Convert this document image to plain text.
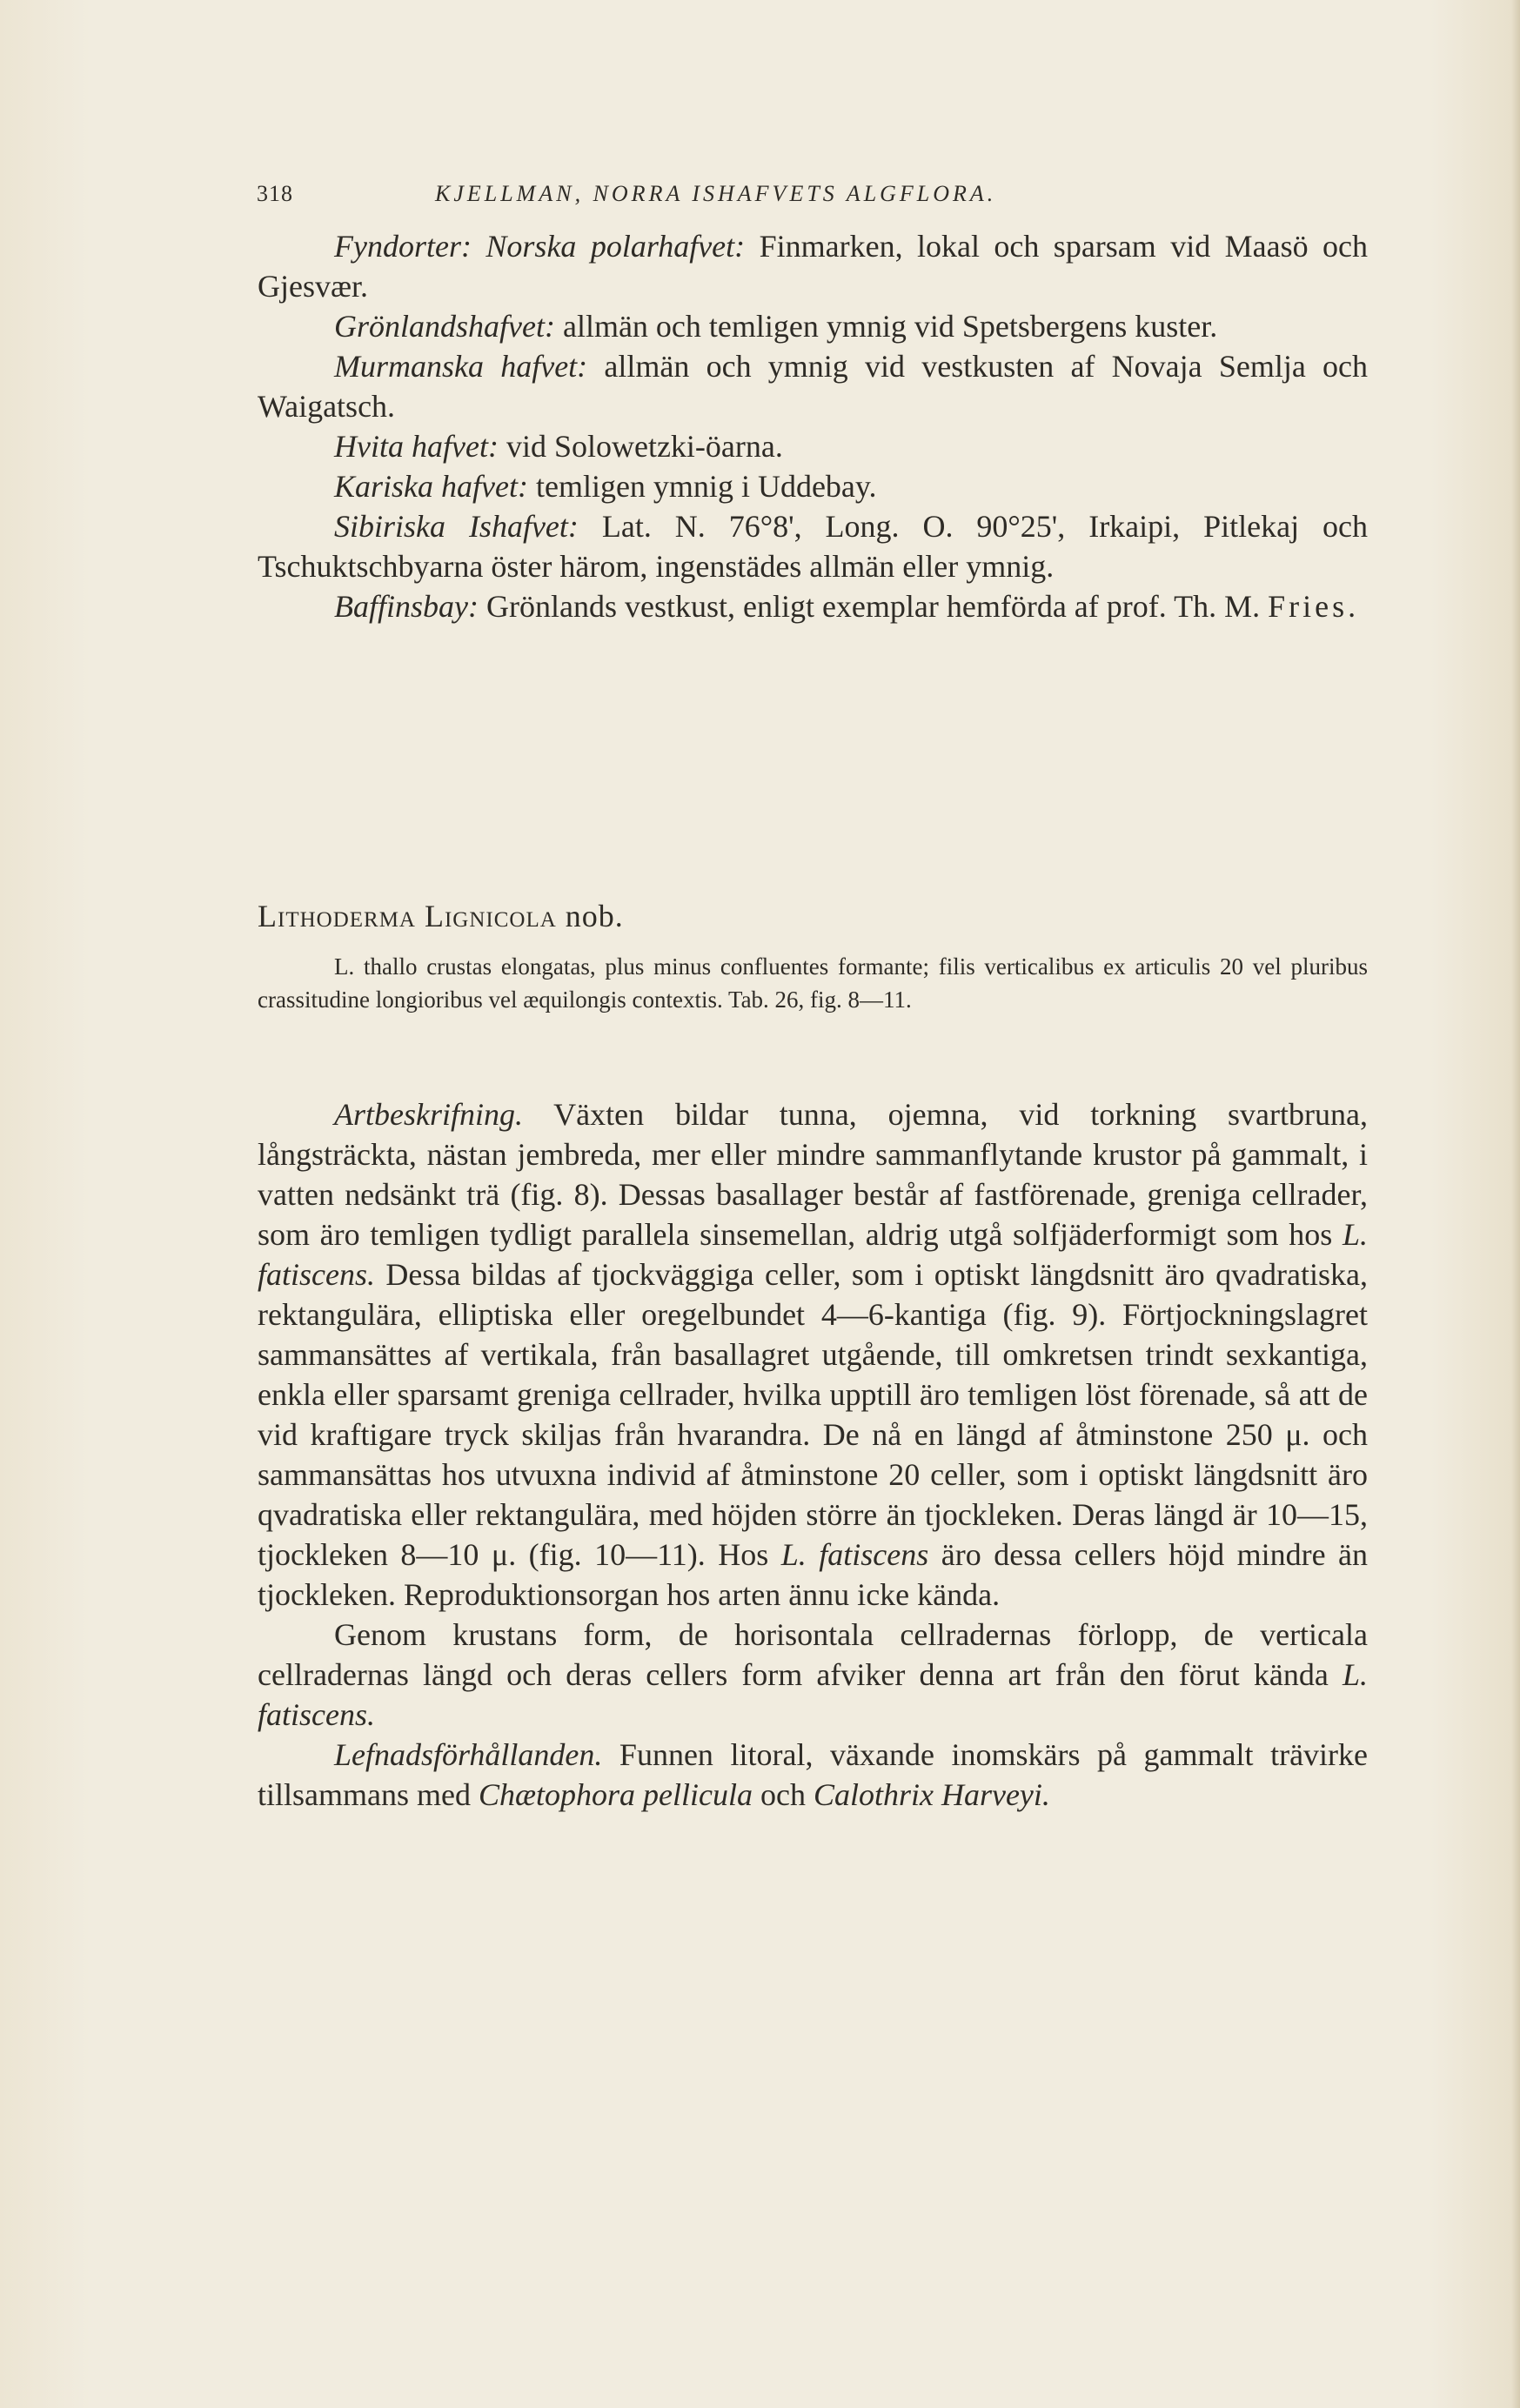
318	KJELLMAN, NORRA ISHAFVETS ALGFLORA.

Fyndorter: Norska polarhafvet: Finmarken, lokal och sparsam vid Maasö och Gjesvær.

Grönlandshafvet: allmän och temligen ymnig vid Spetsbergens kuster.

Murmanska hafvet: allmän och ymnig vid vestkusten af Novaja Semlja och Waigatsch.

Hvita hafvet: vid Solowetzki-öarna.

Kariska hafvet: temligen ymnig i Uddebay.

Sibiriska Ishafvet: Lat. N. 76°8', Long. O. 90°25', Irkaipi, Pitlekaj och Tschuktschbyarna öster härom, ingenstädes allmän eller ymnig.

Baffinsbay: Grönlands vestkust, enligt exemplar hemförda af prof. Th. M. Fries.

Lithoderma Lignicola nob.

L. thallo crustas elongatas, plus minus confluentes formante; filis verticalibus ex articulis 20 vel pluribus crassitudine longioribus vel æquilongis contextis. Tab. 26, fig. 8—11.

Artbeskrifning. Växten bildar tunna, ojemna, vid torkning svartbruna, långsträckta, nästan jembreda, mer eller mindre sammanflytande krustor på gammalt, i vatten nedsänkt trä (fig. 8). Dessas basallager består af fastförenade, greniga cellrader, som äro temligen tydligt parallela sinsemellan, aldrig utgå solfjäderformigt som hos L. fatiscens. Dessa bildas af tjockväggiga celler, som i optiskt längdsnitt äro qvadratiska, rektangulära, elliptiska eller oregelbundet 4—6-kantiga (fig. 9). Förtjockningslagret sammansättes af vertikala, från basallagret utgående, till omkretsen trindt sexkantiga, enkla eller sparsamt greniga cellrader, hvilka upptill äro temligen löst förenade, så att de vid kraftigare tryck skiljas från hvarandra. De nå en längd af åtminstone 250 μ. och sammansättas hos utvuxna individ af åtminstone 20 celler, som i optiskt längdsnitt äro qvadratiska eller rektangulära, med höjden större än tjockleken. Deras längd är 10—15, tjockleken 8—10 μ. (fig. 10—11). Hos L. fatiscens äro dessa cellers höjd mindre än tjockleken. Reproduktionsorgan hos arten ännu icke kända.

Genom krustans form, de horisontala cellradernas förlopp, de verticala cellradernas längd och deras cellers form afviker denna art från den förut kända L. fatiscens.

Lefnadsförhållanden. Funnen litoral, växande inomskärs på gammalt trävirke tillsammans med Chætophora pellicula och Calothrix Harveyi.
